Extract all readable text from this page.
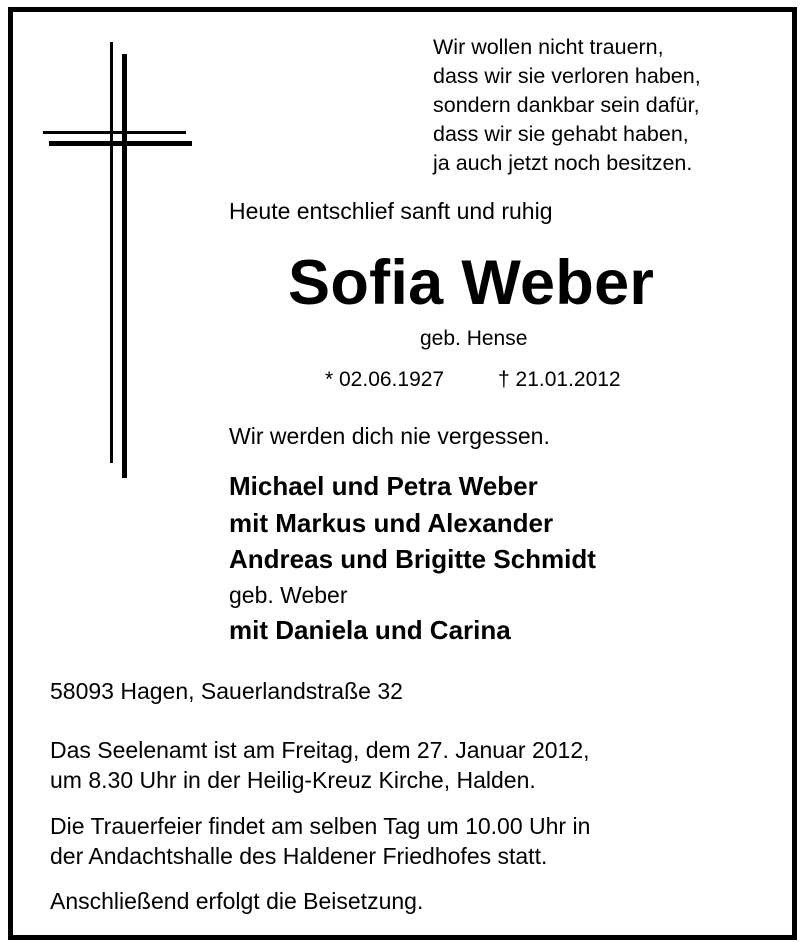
Wir wollen nicht trauern,
dass wir sie verloren haben,
sondern dankbar sein dafür,
dass wir sie gehabt haben,
ja auch jetzt noch besitzen.
Heute entschlief sanft und ruhig
Sofia Weber
geb. Hense
* 02.06.1927	† 21.01.2012
Wir werden dich nie vergessen.
Michael und Petra Weber
mit Markus und Alexander
Andreas und Brigitte Schmidt
geb. Weber
mit Daniela und Carina
58093 Hagen, Sauerlandstraße 32
Das Seelenamt ist am Freitag, dem 27. Januar 2012,
um 8.30 Uhr in der Heilig-Kreuz Kirche, Halden.
Die Trauerfeier findet am selben Tag um 10.00 Uhr in
der Andachtshalle des Haldener Friedhofes statt.
Anschließend erfolgt die Beisetzung.
